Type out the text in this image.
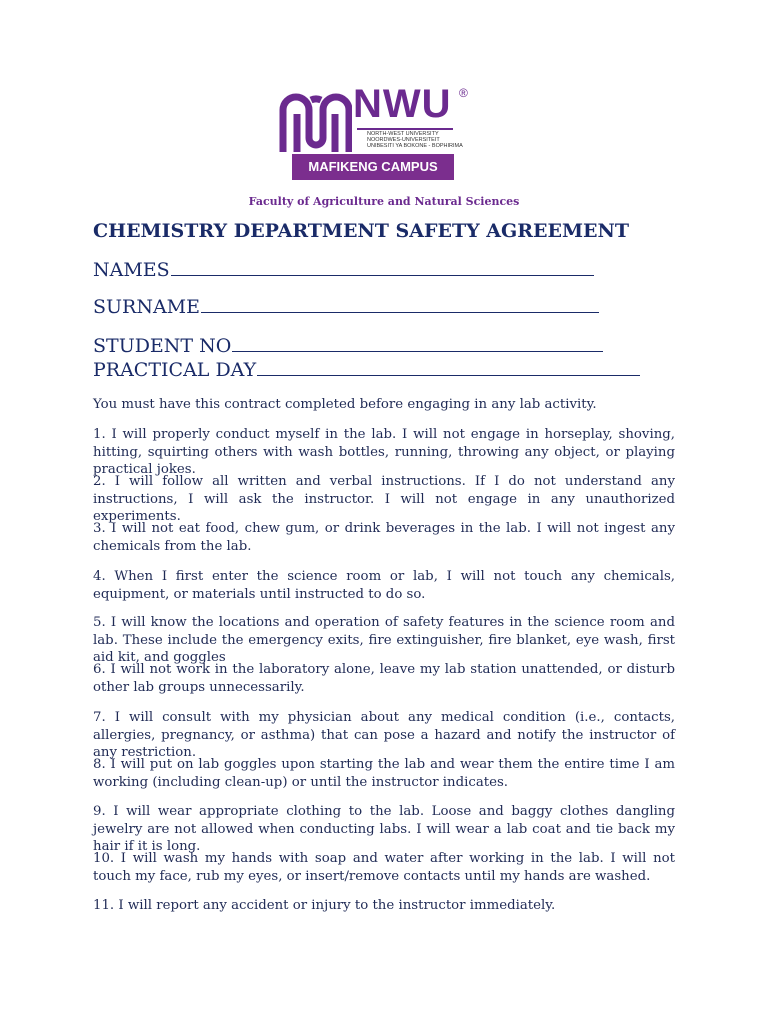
NWU ®
NORTH-WEST UNIVERSITY
NOORDWES-UNIVERSITEIT
UNIBESITI YA BOKONE - BOPHIRIMA
MAFIKENG CAMPUS
Faculty of Agriculture and Natural Sciences
CHEMISTRY DEPARTMENT SAFETY AGREEMENT
NAMES
SURNAME
STUDENT NO
PRACTICAL DAY
You must have this contract completed before engaging in any lab activity.
1. I will properly conduct myself in the lab. I will not engage in horseplay, shoving, hitting, squirting others with wash bottles, running, throwing any object, or playing practical jokes.
2. I will follow all written and verbal instructions. If I do not understand any instructions, I will ask the instructor. I will not engage in any unauthorized experiments.
3. I will not eat food, chew gum, or drink beverages in the lab. I will not ingest any chemicals from the lab.
4. When I first enter the science room or lab, I will not touch any chemicals, equipment, or materials until instructed to do so.
5. I will know the locations and operation of safety features in the science room and lab. These include the emergency exits, fire extinguisher, fire blanket, eye wash, first aid kit, and goggles
6. I will not work in the laboratory alone, leave my lab station unattended, or disturb other lab groups unnecessarily.
7. I will consult with my physician about any medical condition (i.e., contacts, allergies, pregnancy, or asthma) that can pose a hazard and notify the instructor of any restriction.
8. I will put on lab goggles upon starting the lab and wear them the entire time I am working (including clean-up) or until the instructor indicates.
9. I will wear appropriate clothing to the lab. Loose and baggy clothes dangling jewelry are not allowed when conducting labs. I will wear a lab coat and tie back my hair if it is long.
10. I will wash my hands with soap and water after working in the lab. I will not touch my face, rub my eyes, or insert/remove contacts until my hands are washed.
11. I will report any accident or injury to the instructor immediately.
